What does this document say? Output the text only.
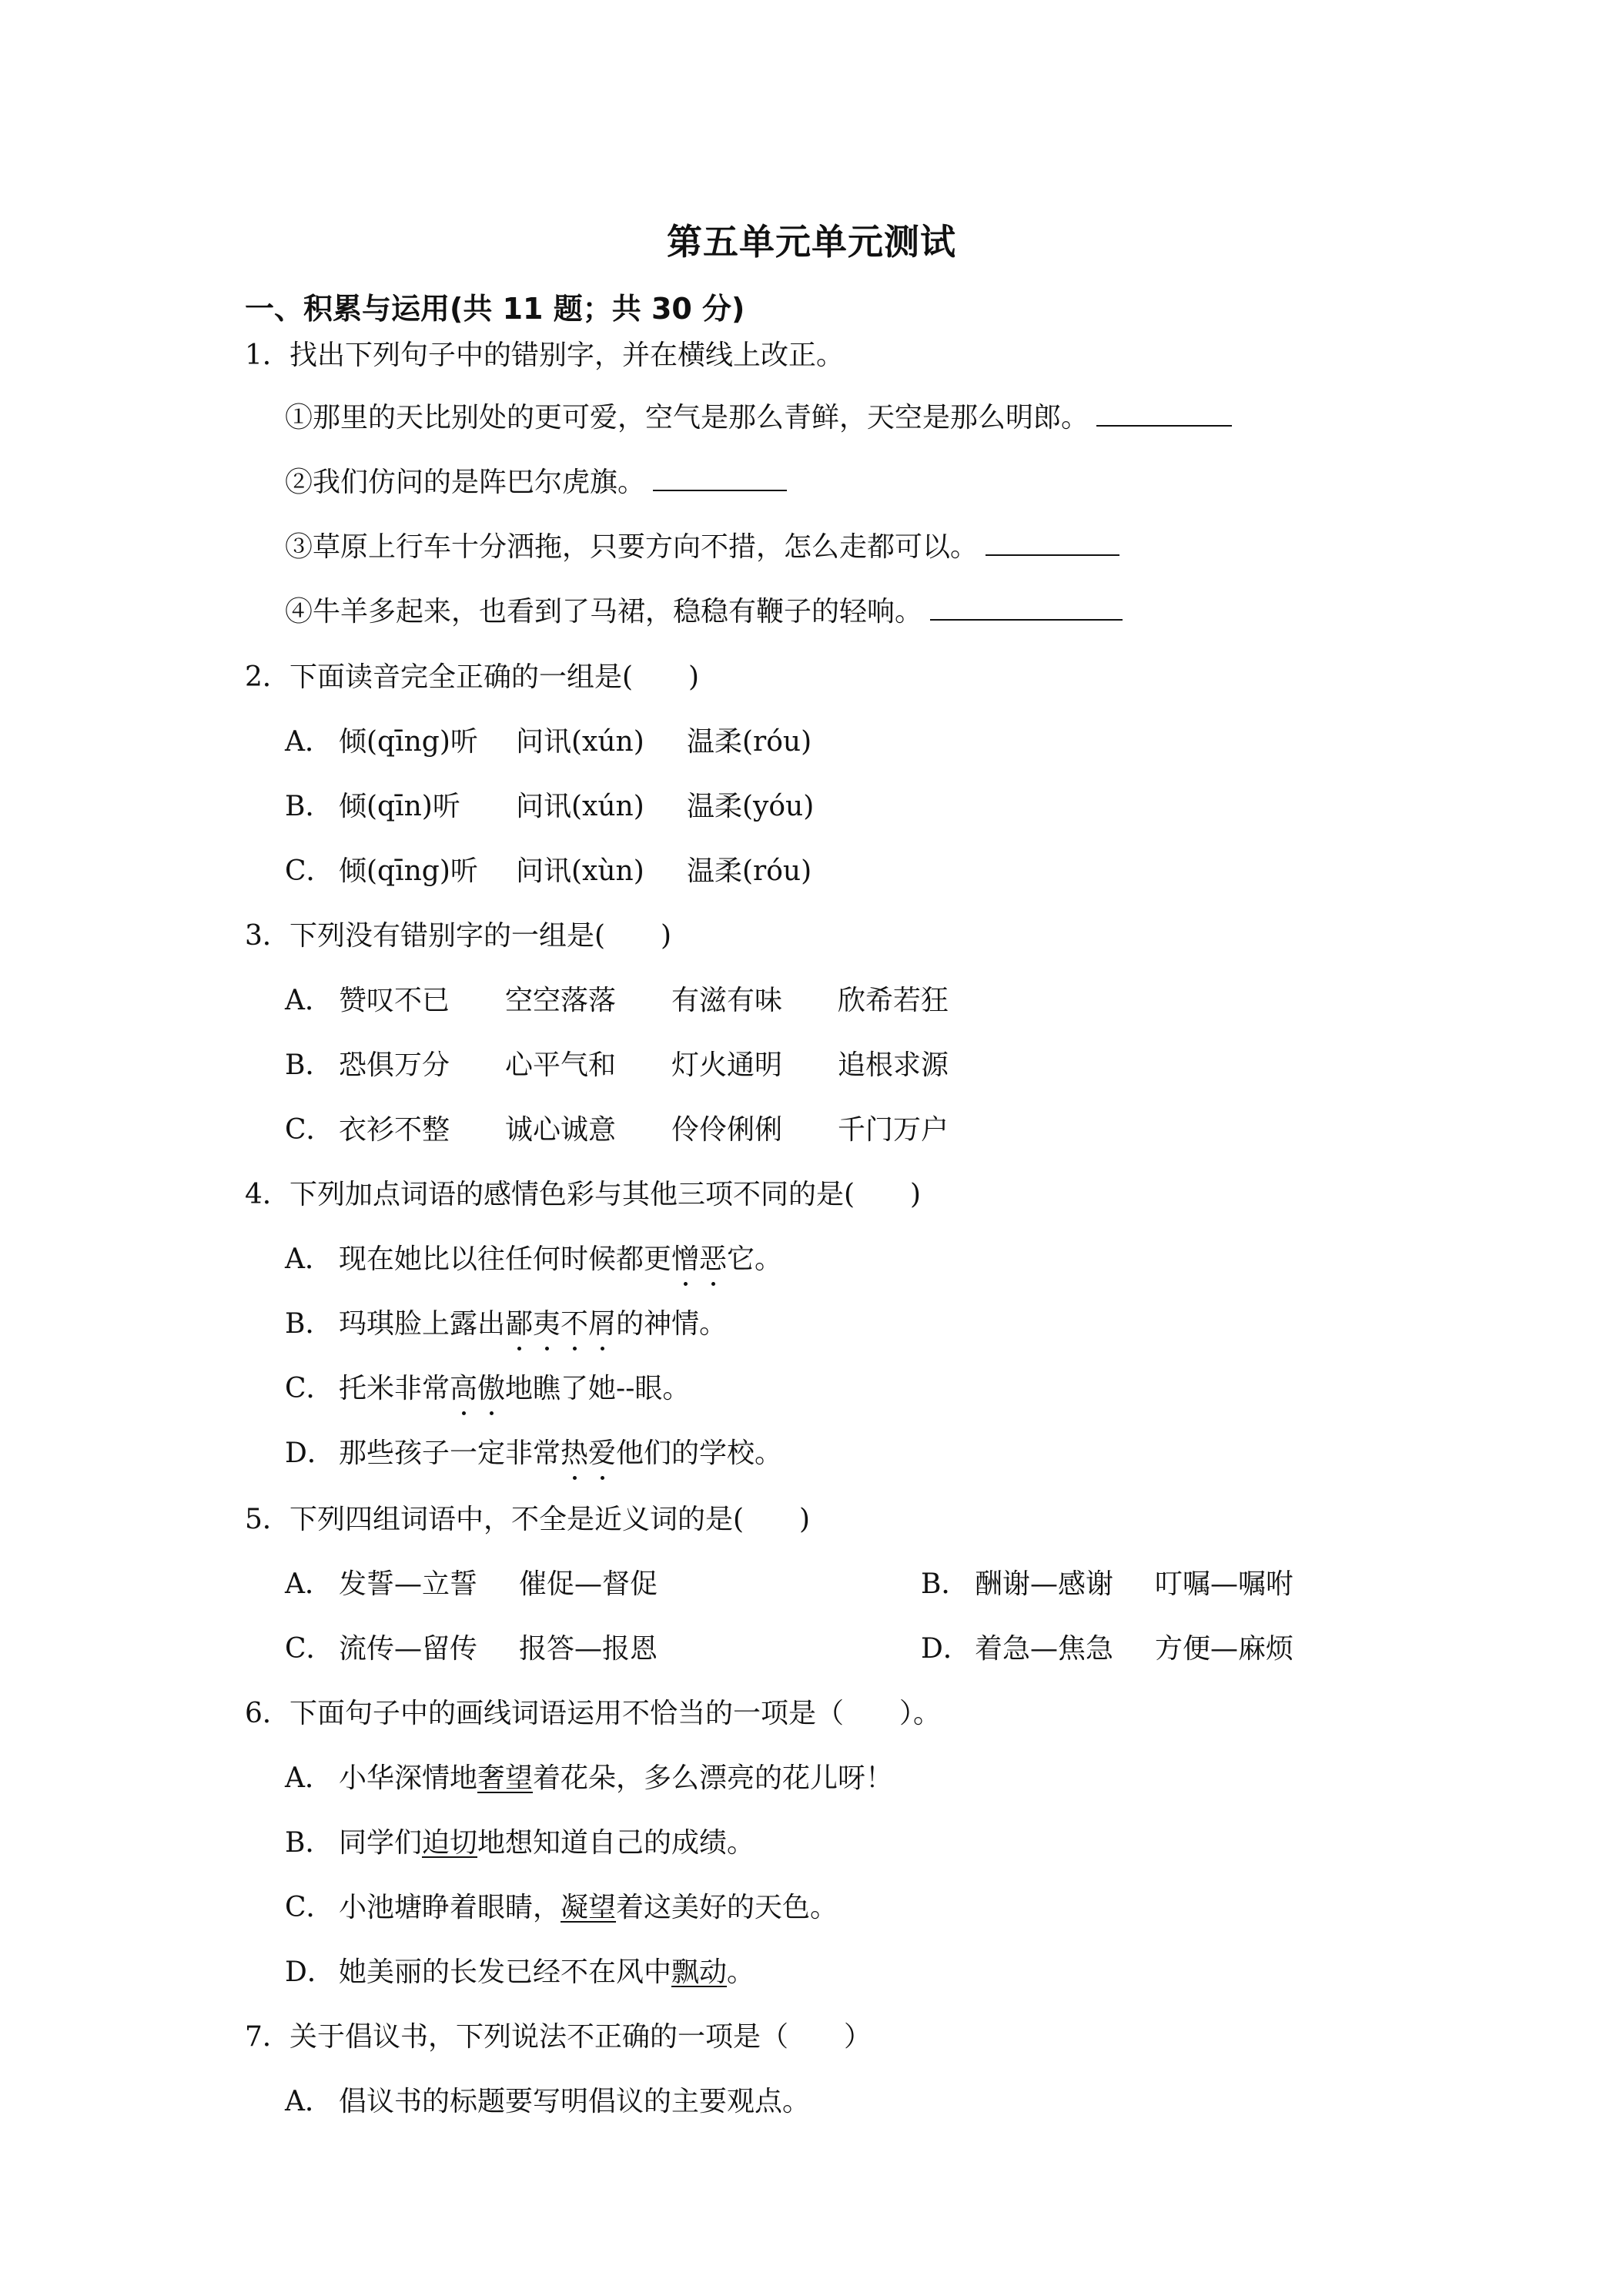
第五单元单元测试
一、积累与运用(共 11 题；共 30 分)
1．找出下列句子中的错别字，并在横线上改正。
①那里的天比别处的更可爱，空气是那么青鲜，天空是那么明郎。
②我们仿问的是阵巴尔虎旗。
③草原上行车十分洒拖，只要方向不措，怎么走都可以。
④牛羊多起来，也看到了马裙，稳稳有鞭子的轻响。
2．下面读音完全正确的一组是(　　)
A． 倾(qīng)听 问讯(xún) 温柔(róu)
B． 倾(qīn)听 问讯(xún) 温柔(yóu)
C． 倾(qīng)听 问讯(xùn) 温柔(róu)
3．下列没有错别字的一组是(　　)
A． 赞叹不已 空空落落 有滋有味 欣希若狂
B． 恐俱万分 心平气和 灯火通明 追根求源
C． 衣衫不整 诚心诚意 伶伶俐俐 千门万户
4．下列加点词语的感情色彩与其他三项不同的是(　　)
A． 现在她比以往任何时候都更憎恶它。
B． 玛琪脸上露出鄙夷不屑的神情。
C． 托米非常高傲地瞧了她--眼。
D． 那些孩子一定非常热爱他们的学校。
5．下列四组词语中，不全是近义词的是(　　)
A． 发誓—立誓 催促—督促	B． 酬谢—感谢 叮嘱—嘱咐
C． 流传—留传 报答—报恩	D． 着急—焦急 方便—麻烦
6．下面句子中的画线词语运用不恰当的一项是（　　）。
A． 小华深情地奢望着花朵，多么漂亮的花儿呀！
B． 同学们迫切地想知道自己的成绩。
C． 小池塘睁着眼睛，凝望着这美好的天色。
D． 她美丽的长发已经不在风中飘动。
7．关于倡议书，下列说法不正确的一项是（　　）
A． 倡议书的标题要写明倡议的主要观点。
